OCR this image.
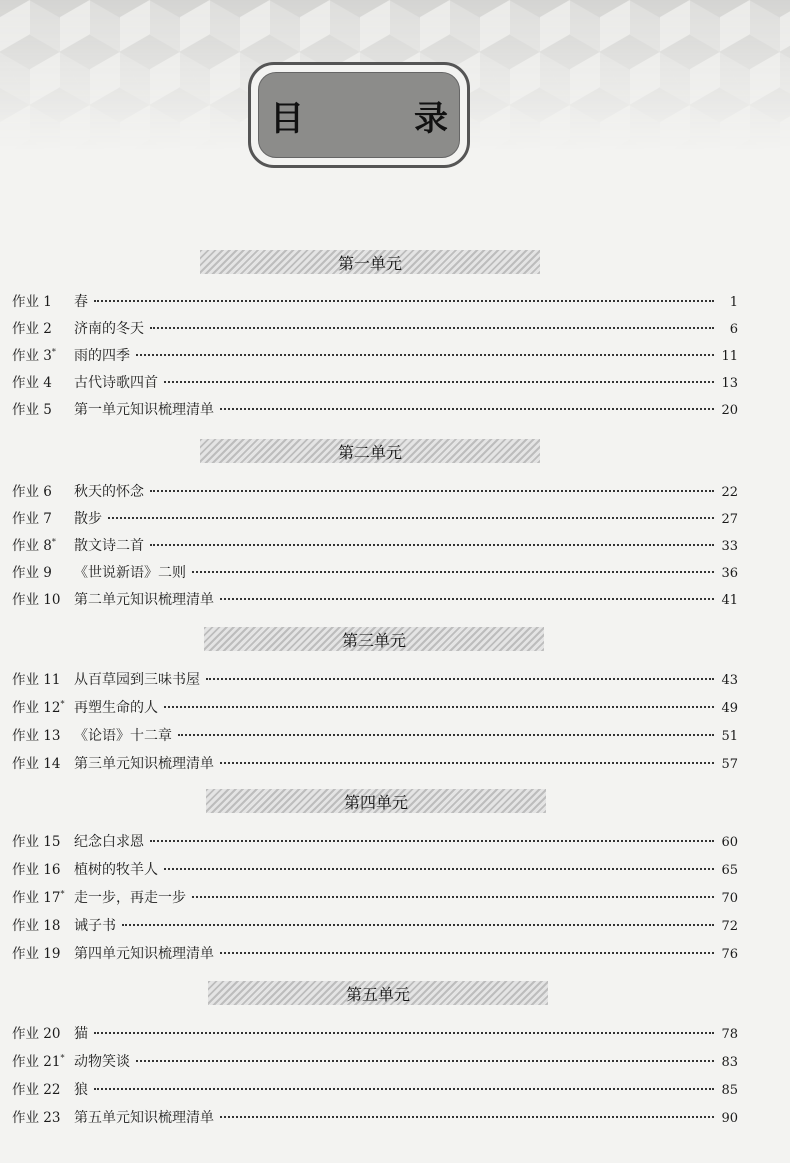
目　录
第一单元
作业 1	春	1
作业 2	济南的冬天	6
作业 3*	雨的四季	11
作业 4	古代诗歌四首	13
作业 5	第一单元知识梳理清单	20
第二单元
作业 6	秋天的怀念	22
作业 7	散步	27
作业 8*	散文诗二首	33
作业 9	《世说新语》二则	36
作业 10 第二单元知识梳理清单	41
第三单元
作业 11 从百草园到三味书屋	43
作业 12* 再塑生命的人	49
作业 13 《论语》十二章	51
作业 14 第三单元知识梳理清单	57
第四单元
作业 15 纪念白求恩	60
作业 16 植树的牧羊人	65
作业 17* 走一步，再走一步	70
作业 18 诫子书	72
作业 19 第四单元知识梳理清单	76
第五单元
作业 20 猫	78
作业 21* 动物笑谈	83
作业 22 狼	85
作业 23 第五单元知识梳理清单	90
